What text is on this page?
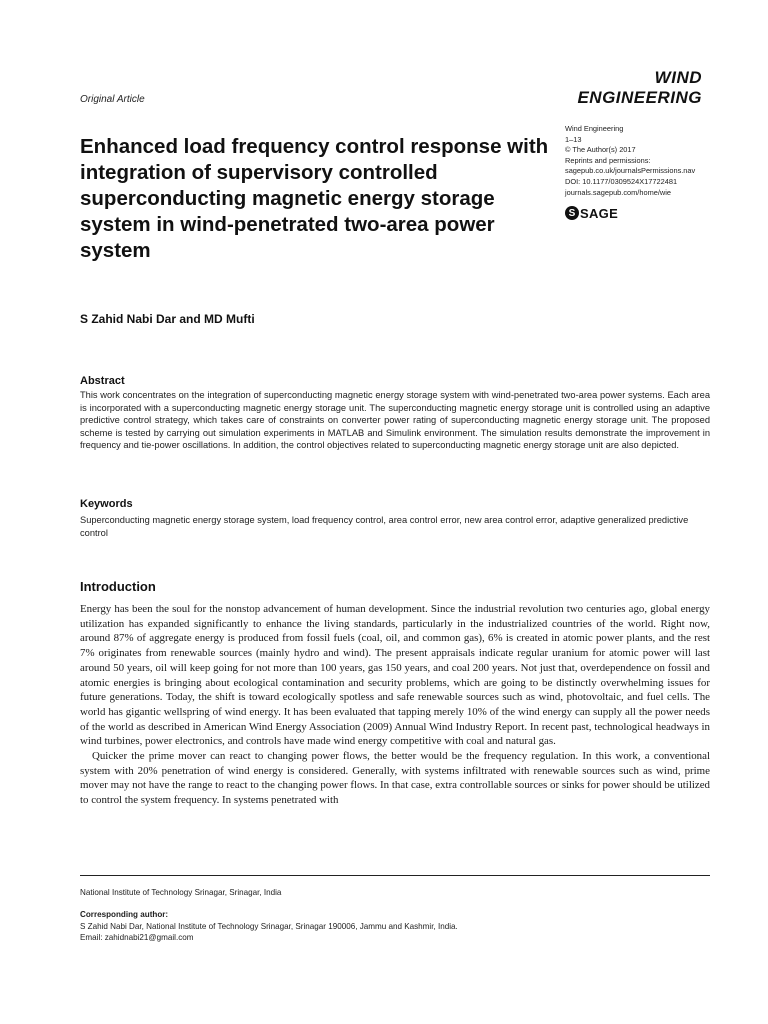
Original Article
WIND
ENGINEERING
Enhanced load frequency control response with integration of supervisory controlled superconducting magnetic energy storage system in wind-penetrated two-area power system
Wind Engineering
1–13
© The Author(s) 2017
Reprints and permissions:
sagepub.co.uk/journalsPermissions.nav
DOI: 10.1177/0309524X17722481
journals.sagepub.com/home/wie
S SAGE
S Zahid Nabi Dar and MD Mufti
Abstract
This work concentrates on the integration of superconducting magnetic energy storage system with wind-penetrated two-area power systems. Each area is incorporated with a superconducting magnetic energy storage unit. The superconducting magnetic energy storage unit is controlled using an adaptive predictive control strategy, which takes care of constraints on converter power rating of superconducting magnetic energy storage unit. The proposed scheme is tested by carrying out simulation experiments in MATLAB and Simulink environment. The simulation results demonstrate the improvement in frequency and tie-power oscillations. In addition, the control objectives related to superconducting magnetic energy storage unit are also depicted.
Keywords
Superconducting magnetic energy storage system, load frequency control, area control error, new area control error, adaptive generalized predictive control
Introduction

Energy has been the soul for the nonstop advancement of human development. Since the industrial revolution two centuries ago, global energy utilization has expanded significantly to enhance the living standards, particularly in the industrialized countries of the world. Right now, around 87% of aggregate energy is produced from fossil fuels (coal, oil, and common gas), 6% is created in atomic power plants, and the rest 7% originates from renewable sources (mainly hydro and wind). The present appraisals indicate regular uranium for atomic power will last around 50 years, oil will keep going for not more than 100 years, gas 150 years, and coal 200 years. Not just that, overdependence on fossil and atomic energies is bringing about ecological contamination and security problems, which are going to be distinctly overwhelming issues for future generations. Today, the shift is toward ecologically spotless and safe renewable sources such as wind, photovoltaic, and fuel cells. The world has gigantic wellspring of wind energy. It has been evaluated that tapping merely 10% of the wind energy can supply all the power needs of the world as described in American Wind Energy Association (2009) Annual Wind Industry Report. In recent past, technological headways in wind turbines, power electronics, and controls have made wind energy competitive with coal and natural gas.

Quicker the prime mover can react to changing power flows, the better would be the frequency regulation. In this work, a conventional system with 20% penetration of wind energy is considered. Generally, with systems infiltrated with renewable sources such as wind, prime mover may not have the range to react to the changing power flows. In that case, extra controllable sources or sinks for power should be utilized to control the system frequency. In systems penetrated with

National Institute of Technology Srinagar, Srinagar, India
Corresponding author:
S Zahid Nabi Dar, National Institute of Technology Srinagar, Srinagar 190006, Jammu and Kashmir, India.
Email: zahidnabi21@gmail.com
